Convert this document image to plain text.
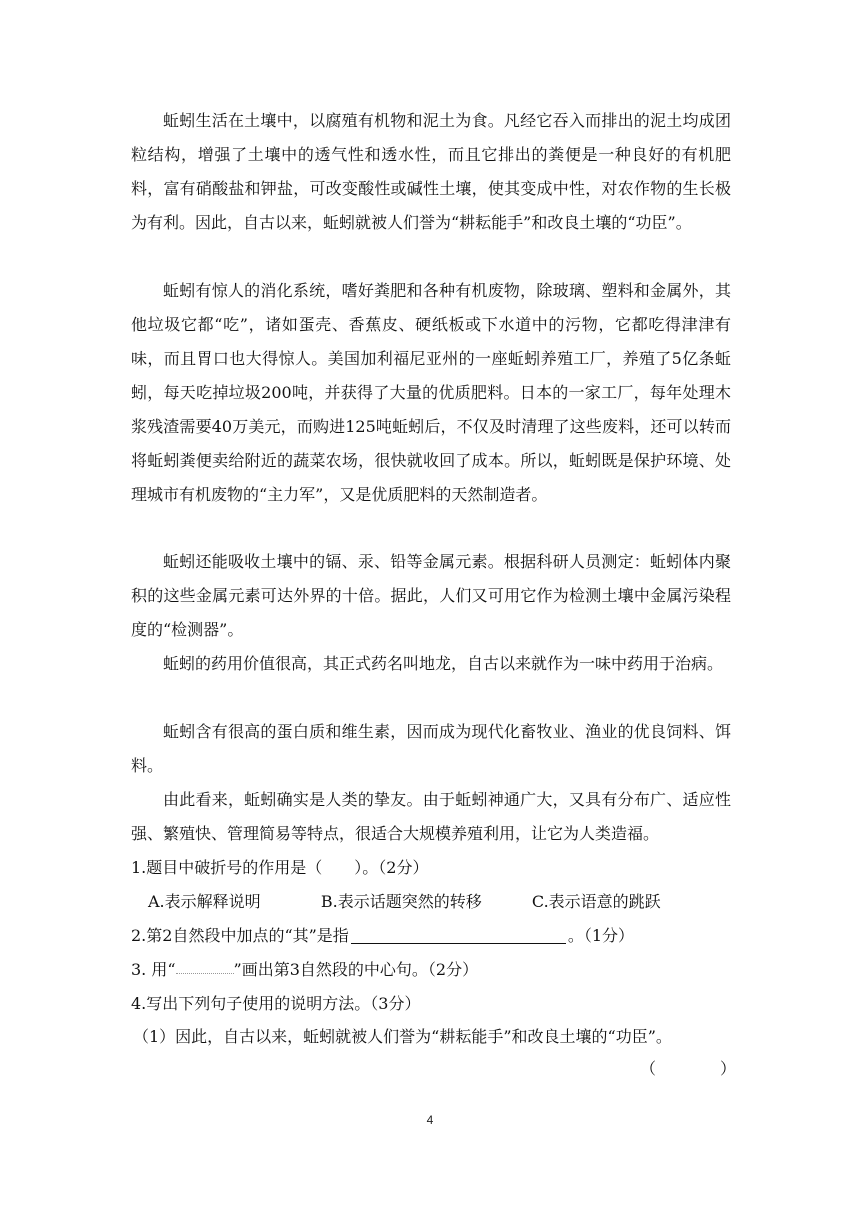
蚯蚓生活在土壤中，以腐殖有机物和泥土为食。凡经它吞入而排出的泥土均成团粒结构，增强了土壤中的透气性和透水性，而且它排出的粪便是一种良好的有机肥料，富有硝酸盐和钾盐，可改变酸性或碱性土壤，使其变成中性，对农作物的生长极为有利。因此，自古以来，蚯蚓就被人们誉为“耕耘能手”和改良土壤的“功臣”。

蚯蚓有惊人的消化系统，嗜好粪肥和各种有机废物，除玻璃、塑料和金属外，其他垃圾它都“吃”，诸如蛋壳、香蕉皮、硬纸板或下水道中的污物，它都吃得津津有味，而且胃口也大得惊人。美国加利福尼亚州的一座蚯蚓养殖工厂，养殖了5亿条蚯蚓，每天吃掉垃圾200吨，并获得了大量的优质肥料。日本的一家工厂，每年处理木浆残渣需要40万美元，而购进125吨蚯蚓后，不仅及时清理了这些废料，还可以转而将蚯蚓粪便卖给附近的蔬菜农场，很快就收回了成本。所以，蚯蚓既是保护环境、处理城市有机废物的“主力军”，又是优质肥料的天然制造者。

蚯蚓还能吸收土壤中的镉、汞、铅等金属元素。根据科研人员测定：蚯蚓体内聚积的这些金属元素可达外界的十倍。据此，人们又可用它作为检测土壤中金属污染程度的“检测器”。

蚯蚓的药用价值很高，其正式药名叫地龙，自古以来就作为一味中药用于治病。

蚯蚓含有很高的蛋白质和维生素，因而成为现代化畜牧业、渔业的优良饲料、饵料。

由此看来，蚯蚓确实是人类的挚友。由于蚯蚓神通广大，又具有分布广、适应性强、繁殖快、管理简易等特点，很适合大规模养殖利用，让它为人类造福。

1.题目中破折号的作用是（　　）。（2分）

A.表示解释说明	B.表示话题突然的转移	C.表示语意的跳跃

2.第2自然段中加点的“其”是指	。（1分）

3. 用“	”画出第3自然段的中心句。（2分）

4.写出下列句子使用的说明方法。（3分）

（1）因此，自古以来，蚯蚓就被人们誉为“耕耘能手”和改良土壤的“功臣”。

（　　　　）
4
